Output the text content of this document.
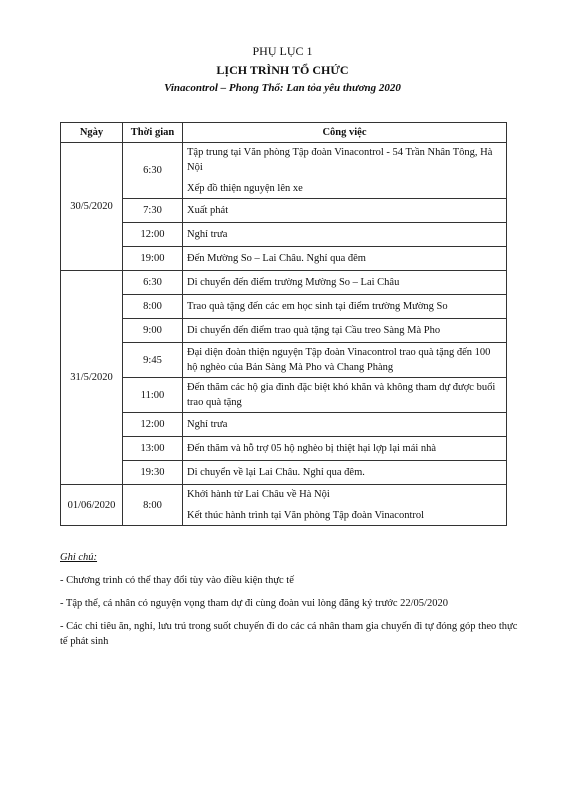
PHỤ LỤC 1
LỊCH TRÌNH TỔ CHỨC
Vinacontrol – Phong Thổ: Lan tỏa yêu thương 2020
Ngày	Thời gian	Công việc
30/5/2020	6:30	Tập trung tại Văn phòng Tập đoàn Vinacontrol - 54 Trần Nhân Tông, Hà Nội
Xếp đồ thiện nguyện lên xe

	7:30	Xuất phát

	12:00	Nghỉ trưa

	19:00	Đến Mường So – Lai Châu. Nghỉ qua đêm

31/5/2020	6:30	Di chuyển đến điểm trường Mường So – Lai Châu

	8:00	Trao quà tặng đến các em học sinh tại điểm trường Mường So

	9:00	Di chuyển đến điểm trao quà tặng tại Cầu treo Sàng Mà Pho

	9:45	Đại diện đoàn thiện nguyện Tập đoàn Vinacontrol trao quà tặng đến 100 hộ nghèo của Bản Sàng Mà Pho và Chang Phàng

	11:00	Đến thăm các hộ gia đình đặc biệt khó khăn và không tham dự được buổi trao quà tặng

	12:00	Nghỉ trưa

	13:00	Đến thăm và hỗ trợ 05 hộ nghèo bị thiệt hại lợp lại mái nhà

	19:30	Di chuyển về lại Lai Châu. Nghỉ qua đêm.

01/06/2020	8:00	Khởi hành từ Lai Châu về Hà Nội
Kết thúc hành trình tại Văn phòng Tập đoàn Vinacontrol
Ghi chú:
- Chương trình có thể thay đổi tùy vào điều kiện thực tế
- Tập thể, cá nhân có nguyện vọng tham dự đi cùng đoàn vui lòng đăng ký trước 22/05/2020
- Các chi tiêu ăn, nghỉ, lưu trú trong suốt chuyến đi do các cá nhân tham gia chuyến đi tự đóng góp theo thực tế phát sinh
